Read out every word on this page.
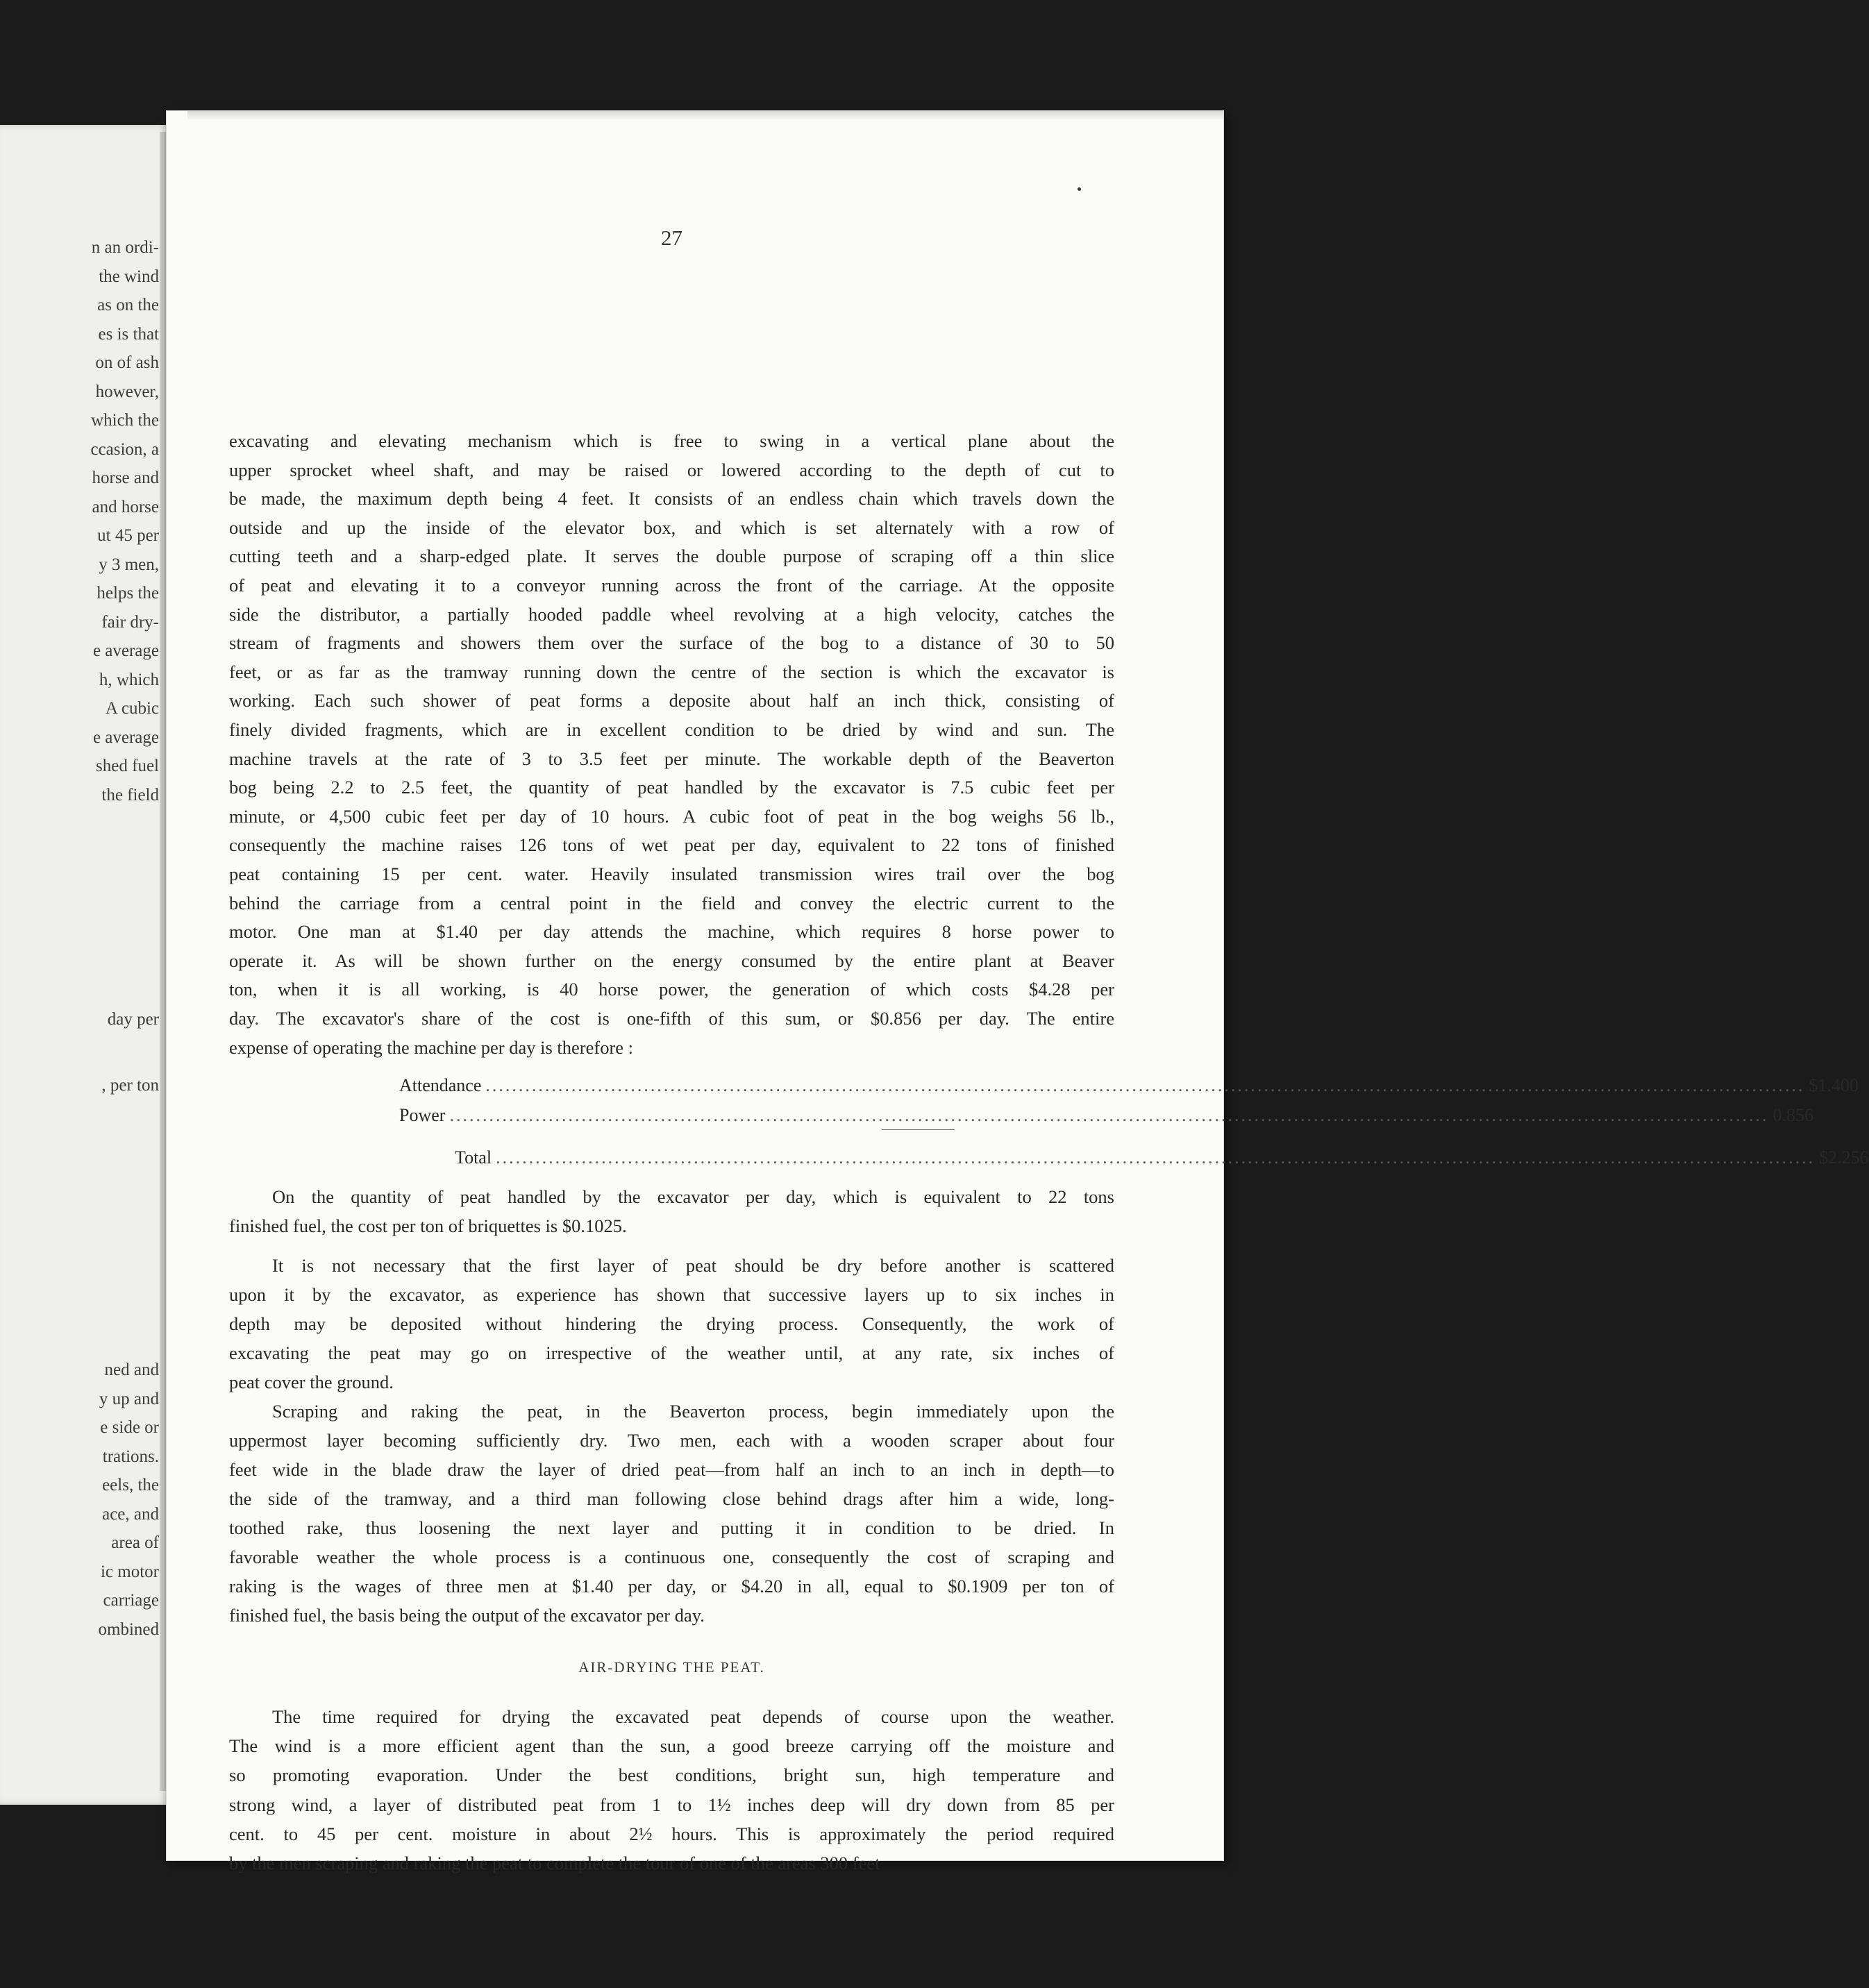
n an ordi-
the wind
as on the
es is that
on of ash
however,
which the
ccasion, a
horse and
and horse
ut 45 per
y 3 men,
helps the
fair dry-
e average
h, which
A cubic
e average
shed fuel
the field
day per
, per ton
ned and
y up and
e side or
trations.
eels, the
ace, and
area of
ic motor
carriage
ombined
27
excavating and elevating mechanism which is free to swing in a vertical plane about the
upper sprocket wheel shaft, and may be raised or lowered according to the depth of cut to
be made, the maximum depth being 4 feet. It consists of an endless chain which travels down the
outside and up the inside of the elevator box, and which is set alternately with a row of
cutting teeth and a sharp-edged plate. It serves the double purpose of scraping off a thin slice
of peat and elevating it to a conveyor running across the front of the carriage. At the opposite
side the distributor, a partially hooded paddle wheel revolving at a high velocity, catches the
stream of fragments and showers them over the surface of the bog to a distance of 30 to 50
feet, or as far as the tramway running down the centre of the section is which the excavator is
working. Each such shower of peat forms a deposite about half an inch thick, consisting of
finely divided fragments, which are in excellent condition to be dried by wind and sun. The
machine travels at the rate of 3 to 3.5 feet per minute. The workable depth of the Beaverton
bog being 2.2 to 2.5 feet, the quantity of peat handled by the excavator is 7.5 cubic feet per
minute, or 4,500 cubic feet per day of 10 hours. A cubic foot of peat in the bog weighs 56 lb.,
consequently the machine raises 126 tons of wet peat per day, equivalent to 22 tons of finished
peat containing 15 per cent. water. Heavily insulated transmission wires trail over the bog
behind the carriage from a central point in the field and convey the electric current to the
motor. One man at $1.40 per day attends the machine, which requires 8 horse power to
operate it. As will be shown further on the energy consumed by the entire plant at Beaver
ton, when it is all working, is 40 horse power, the generation of which costs $4.28 per
day. The excavator's share of the cost is one-fifth of this sum, or $0.856 per day. The entire
expense of operating the machine per day is therefore :
Attendance ........................................................................................................................................................................................................ $1.400
Power ........................................................................................................................................................................................................ 0.856
Total ........................................................................................................................................................................................................ $2.256
On the quantity of peat handled by the excavator per day, which is equivalent to 22 tons
finished fuel, the cost per ton of briquettes is $0.1025.
It is not necessary that the first layer of peat should be dry before another is scattered
upon it by the excavator, as experience has shown that successive layers up to six inches in
depth may be deposited without hindering the drying process. Consequently, the work of
excavating the peat may go on irrespective of the weather until, at any rate, six inches of
peat cover the ground.
Scraping and raking the peat, in the Beaverton process, begin immediately upon the
uppermost layer becoming sufficiently dry. Two men, each with a wooden scraper about four
feet wide in the blade draw the layer of dried peat—from half an inch to an inch in depth—to
the side of the tramway, and a third man following close behind drags after him a wide, long-
toothed rake, thus loosening the next layer and putting it in condition to be dried. In
favorable weather the whole process is a continuous one, consequently the cost of scraping and
raking is the wages of three men at $1.40 per day, or $4.20 in all, equal to $0.1909 per ton of
finished fuel, the basis being the output of the excavator per day.
AIR-DRYING THE PEAT.
The time required for drying the excavated peat depends of course upon the weather.
The wind is a more efficient agent than the sun, a good breeze carrying off the moisture and
so promoting evaporation. Under the best conditions, bright sun, high temperature and
strong wind, a layer of distributed peat from 1 to 1½ inches deep will dry down from 85 per
cent. to 45 per cent. moisture in about 2½ hours. This is approximately the period required
by the men scraping and raking the peat to complete the tour of one of the areas 300 feet
